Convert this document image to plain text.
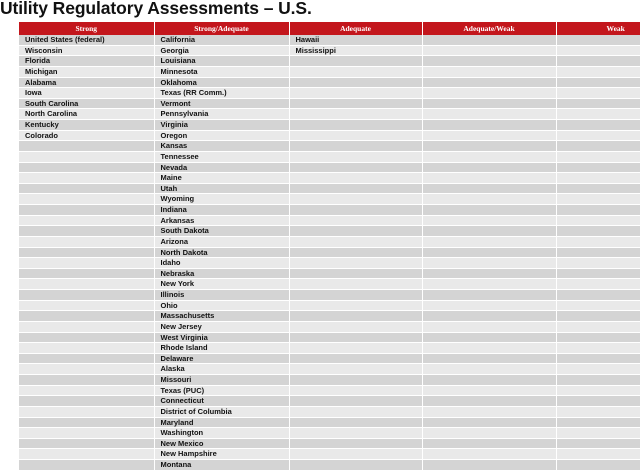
Utility Regulatory Assessments – U.S.
Strong	Strong/Adequate	Adequate	Adequate/Weak	Weak
United States (federal)	California	Hawaii		
Wisconsin	Georgia	Mississippi		
Florida	Louisiana			
Michigan	Minnesota			
Alabama	Oklahoma			
Iowa	Texas (RR Comm.)			
South Carolina	Vermont			
North Carolina	Pennsylvania			
Kentucky	Virginia			
Colorado	Oregon			
	Kansas			
	Tennessee			
	Nevada			
	Maine			
	Utah			
	Wyoming			
	Indiana			
	Arkansas			
	South Dakota			
	Arizona			
	North Dakota			
	Idaho			
	Nebraska			
	New York			
	Illinois			
	Ohio			
	Massachusetts			
	New Jersey			
	West Virginia			
	Rhode Island			
	Delaware			
	Alaska			
	Missouri			
	Texas (PUC)			
	Connecticut			
	District of Columbia			
	Maryland			
	Washington			
	New Mexico			
	New Hampshire			
	Montana			
